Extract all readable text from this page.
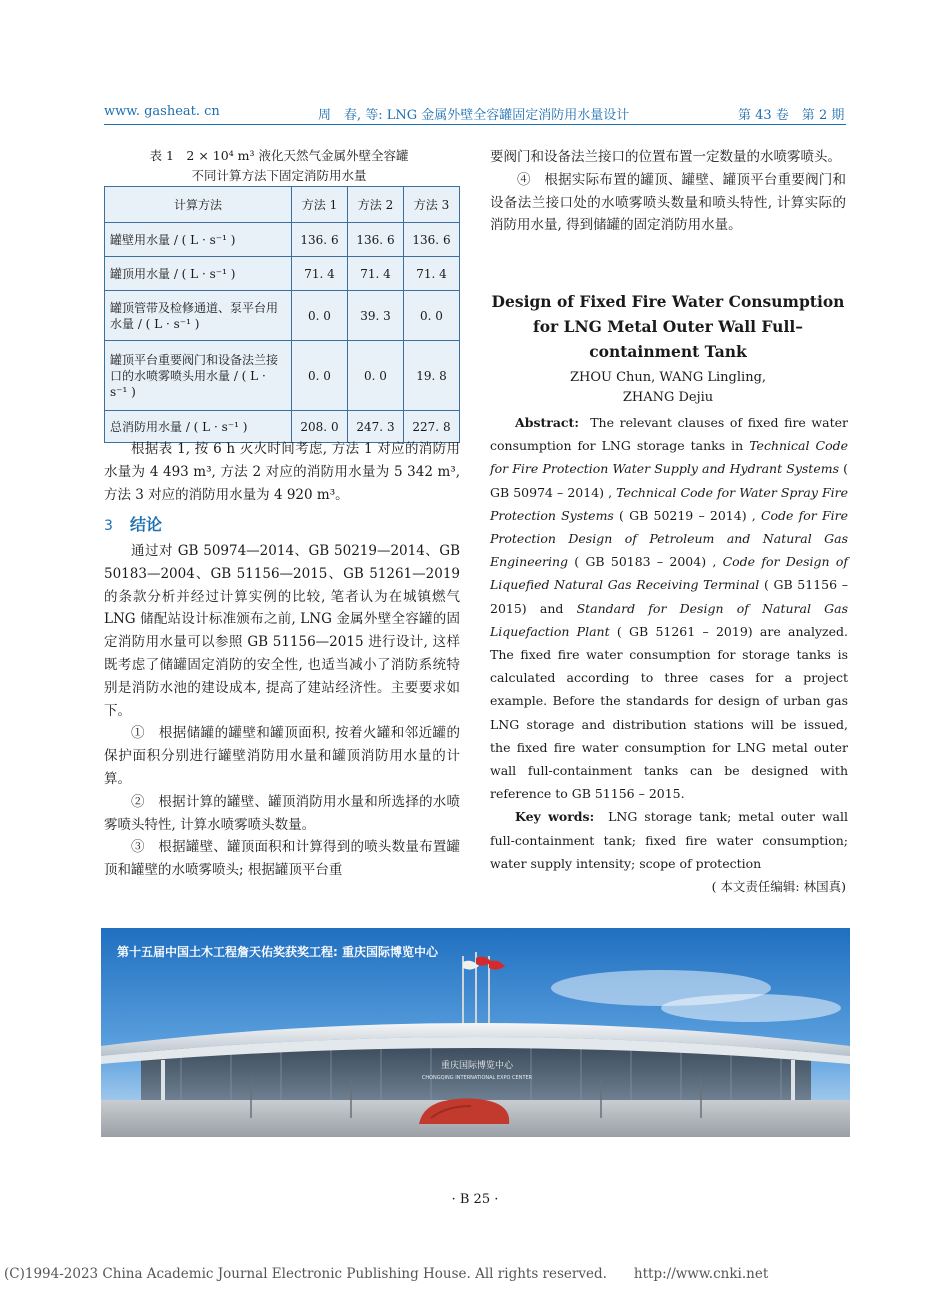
www. gasheat. cn	周　春, 等: LNG 金属外壁全容罐固定消防用水量设计	第 43 卷　第 2 期
表 1　2 × 10⁴ m³ 液化天然气金属外壁全容罐
不同计算方法下固定消防用水量
计算方法	方法 1	方法 2	方法 3
罐壁用水量 / ( L · s⁻¹ )	136. 6	136. 6	136. 6
罐顶用水量 / ( L · s⁻¹ )	71. 4	71. 4	71. 4
罐顶管带及检修通道、泵平台用水量 / ( L · s⁻¹ )	0. 0	39. 3	0. 0
罐顶平台重要阀门和设备法兰接口的水喷雾喷头用水量 / ( L · s⁻¹ )	0. 0	0. 0	19. 8
总消防用水量 / ( L · s⁻¹ )	208. 0	247. 3	227. 8

根据表 1, 按 6 h 灭火时间考虑, 方法 1 对应的消防用水量为 4 493 m³, 方法 2 对应的消防用水量为 5 342 m³, 方法 3 对应的消防用水量为 4 920 m³。

3 结论

通过对 GB 50974—2014、GB 50219—2014、GB 50183—2004、GB 51156—2015、GB 51261—2019 的条款分析并经过计算实例的比较, 笔者认为在城镇燃气 LNG 储配站设计标准颁布之前, LNG 金属外壁全容罐的固定消防用水量可以参照 GB 51156—2015 进行设计, 这样既考虑了储罐固定消防的安全性, 也适当减小了消防系统特别是消防水池的建设成本, 提高了建站经济性。主要要求如下。

①　根据储罐的罐壁和罐顶面积, 按着火罐和邻近罐的保护面积分别进行罐壁消防用水量和罐顶消防用水量的计算。

②　根据计算的罐壁、罐顶消防用水量和所选择的水喷雾喷头特性, 计算水喷雾喷头数量。

③　根据罐壁、罐顶面积和计算得到的喷头数量布置罐顶和罐壁的水喷雾喷头; 根据罐顶平台重

要阀门和设备法兰接口的位置布置一定数量的水喷雾喷头。

④　根据实际布置的罐顶、罐壁、罐顶平台重要阀门和设备法兰接口处的水喷雾喷头数量和喷头特性, 计算实际的消防用水量, 得到储罐的固定消防用水量。

Design of Fixed Fire Water Consumption
for LNG Metal Outer Wall Full–
containment Tank
ZHOU Chun, WANG Lingling,
ZHANG Dejiu
Abstract: The relevant clauses of fixed fire water consumption for LNG storage tanks in Technical Code for Fire Protection Water Supply and Hydrant Systems ( GB 50974 – 2014) , Technical Code for Water Spray Fire Protection Systems ( GB 50219 – 2014) , Code for Fire Protection Design of Petroleum and Natural Gas Engineering ( GB 50183 – 2004) , Code for Design of Liquefied Natural Gas Receiving Terminal ( GB 51156 – 2015) and Standard for Design of Natural Gas Liquefaction Plant ( GB 51261 – 2019) are analyzed. The fixed fire water consumption for storage tanks is calculated according to three cases for a project example. Before the standards for design of urban gas LNG storage and distribution stations will be issued, the fixed fire water consumption for LNG metal outer wall full-containment tanks can be designed with reference to GB 51156 – 2015.
Key words: LNG storage tank; metal outer wall full-containment tank; fixed fire water consumption; water supply intensity; scope of protection
( 本文责任编辑: 林国真)
重庆国际博览中心
CHONGQING INTERNATIONAL EXPO CENTER
第十五届中国土木工程詹天佑奖获奖工程: 重庆国际博览中心
· B 25 ·
(C)1994-2023 China Academic Journal Electronic Publishing House. All rights reserved.　　http://www.cnki.net
